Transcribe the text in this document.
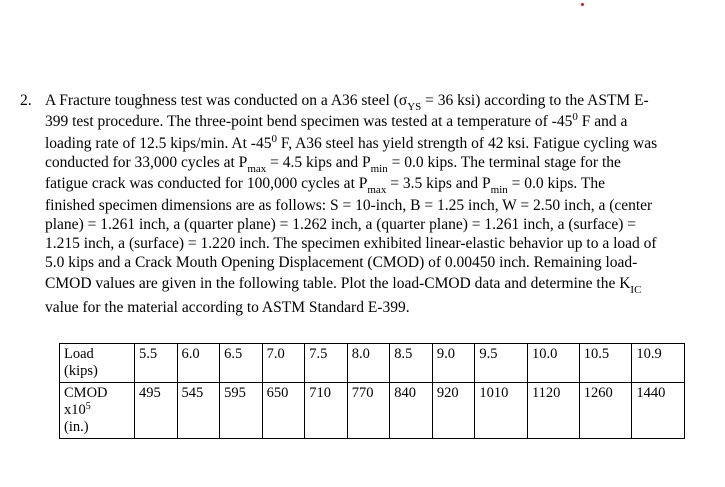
2. A Fracture toughness test was conducted on a A36 steel ($\sigma_{YS} = 36$ ksi) according to the ASTM E-
399 test procedure. The three-point bend specimen was tested at a temperature of $-45^0$ F and a
loading rate of 12.5 kips/min. At $-45^0$ F, A36 steel has yield strength of 42 ksi. Fatigue cycling was
conducted for 33,000 cycles at $P_{max} = 4.5$ kips and $P_{min} = 0.0$ kips. The terminal stage for the
fatigue crack was conducted for 100,000 cycles at $P_{max} = 3.5$ kips and $P_{min} = 0.0$ kips. The
finished specimen dimensions are as follows: S = 10-inch, B = 1.25 inch, W = 2.50 inch, a (center
plane) = 1.261 inch, a (quarter plane) = 1.262 inch, a (quarter plane) = 1.261 inch, a (surface) =
1.215 inch, a (surface) = 1.220 inch. The specimen exhibited linear-elastic behavior up to a load of
5.0 kips and a Crack Mouth Opening Displacement (CMOD) of 0.00450 inch. Remaining load-
CMOD values are given in the following table. Plot the load-CMOD data and determine the $K_{IC}$
value for the material according to ASTM Standard E-399.
Load
(kips)	5.5	6.0	6.5	7.0	7.5	8.0	8.5	9.0	9.5	10.0	10.5	10.9
CMOD
$x10^5$
(in.)	495	545	595	650	710	770	840	920	1010	1120	1260	1440
